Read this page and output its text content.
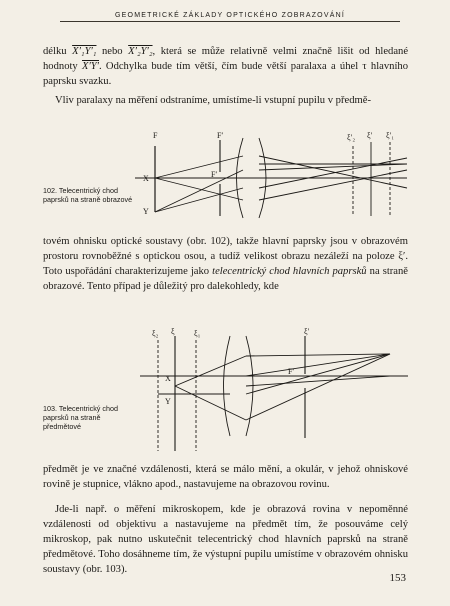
GEOMETRICKÉ ZÁKLADY OPTICKÉHO ZOBRAZOVÁNÍ
délku X′₁Y′₁ nebo X′₂Y′₂, která se může relativně velmi značně lišit od hledané hodnoty X′Y′. Odchylka bude tím větší, čím bude větší paralaxa a úhel τ hlavního paprsku svazku.
Vliv paralaxy na měření odstraníme, umístíme-li vstupní pupilu v předmě-
X
Y
F	F′
F′
ξ′₂ ξ′ ξ′₁
102. Telecentrický chod paprsků na straně obrazové
tovém ohnisku optické soustavy (obr. 102), takže hlavní paprsky jsou v obrazovém prostoru rovnoběžné s optickou osou, a tudíž velikost obrazu nezáleží na poloze ξ′. Toto uspořádání charakterizujeme jako telecentrický chod hlavních paprsků na straně obrazové. Tento případ je důležitý pro dalekohledy, kde
ξ₂ ξ ξ₁	ξ′
X
Y
F′
103. Telecentrický chod paprsků na straně předmětové
předmět je ve značné vzdálenosti, která se málo mění, a okulár, v jehož ohniskové rovině je stupnice, vlákno apod., nastavujeme na obrazovou rovinu.
Jde-li např. o měření mikroskopem, kde je obrazová rovina v nepoměnné vzdálenosti od objektivu a nastavujeme na předmět tím, že posouváme celý mikroskop, pak nutno uskutečnit telecentrický chod hlavních paprsků na straně předmětové. Toho dosáhneme tím, že výstupní pupilu umístíme v obrazovém ohnisku soustavy (obr. 103).
153
